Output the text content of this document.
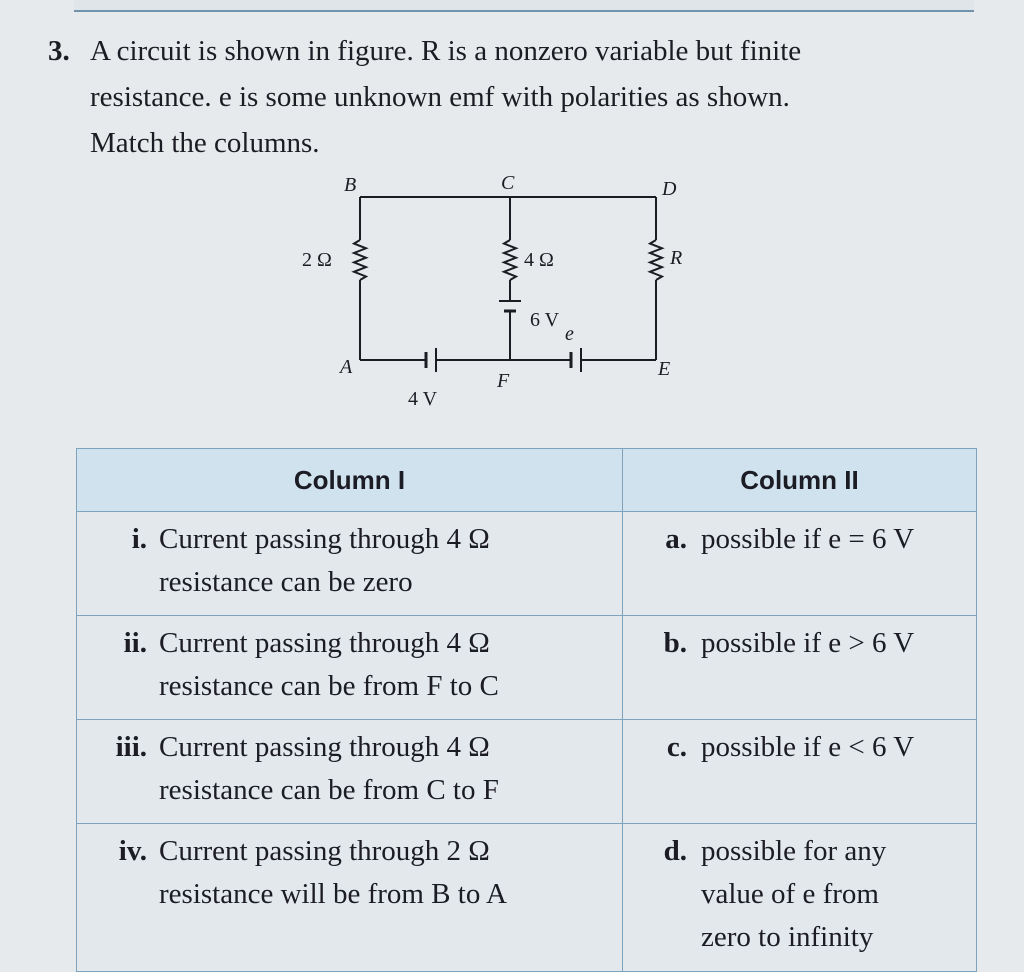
3. A circuit is shown in figure. R is a nonzero variable but finite
resistance. e is some unknown emf with polarities as shown.
Match the columns.
B	C	D
A
F
E
2 Ω	4 Ω	R
6 V
4 V
e
Column I	Column II

i. Current passing through 4 Ω
resistance can be zero	a. possible if e = 6 V

ii. Current passing through 4 Ω
resistance can be from F to C	b. possible if e > 6 V

iii. Current passing through 4 Ω
resistance can be from C to F	c. possible if e < 6 V

iv. Current passing through 2 Ω
resistance will be from B to A	d. possible for any
value of e from
zero to infinity
